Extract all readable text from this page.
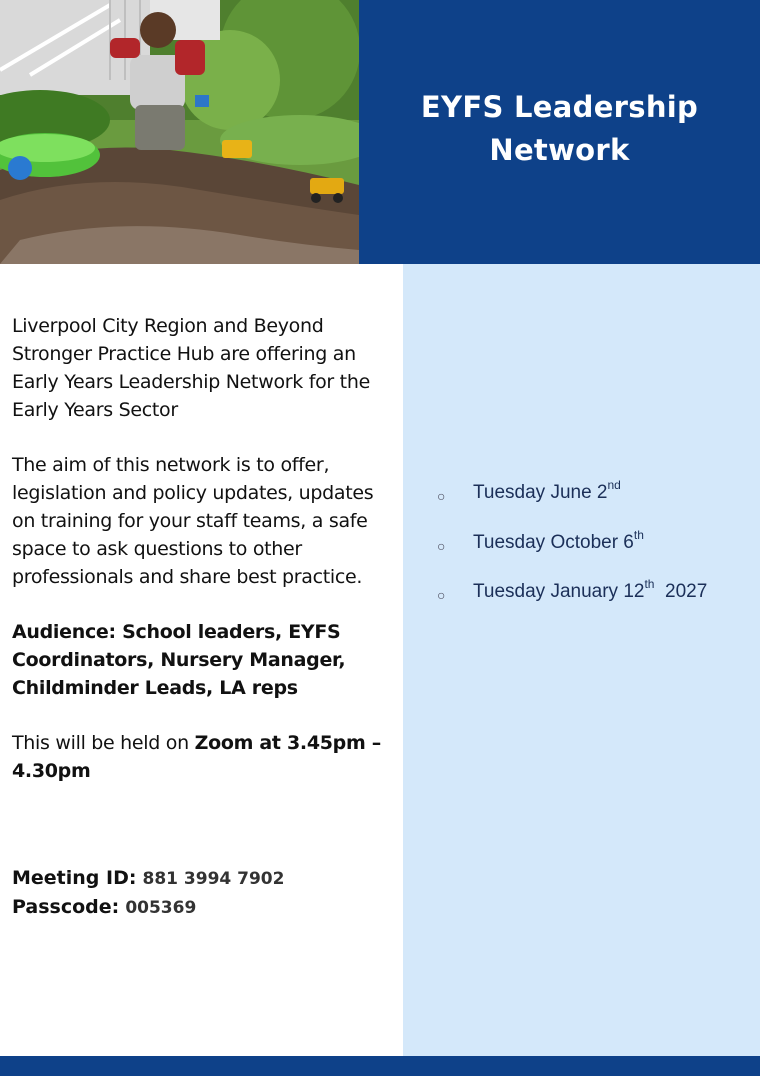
EYFS Leadership
Network
○ Tuesday June 2nd
○ Tuesday October 6th
○ Tuesday January 12th  2027

Liverpool City Region and Beyond Stronger Practice Hub are offering an Early Years Leadership Network for the Early Years Sector

The aim of this network is to offer, legislation and policy updates, updates on training for your staff teams, a safe space to ask questions to other professionals and share best practice.

Audience: School leaders, EYFS Coordinators, Nursery Manager, Childminder Leads, LA reps

This will be held on Zoom at 3.45pm – 4.30pm

Meeting ID: 881 3994 7902
Passcode: 005369
